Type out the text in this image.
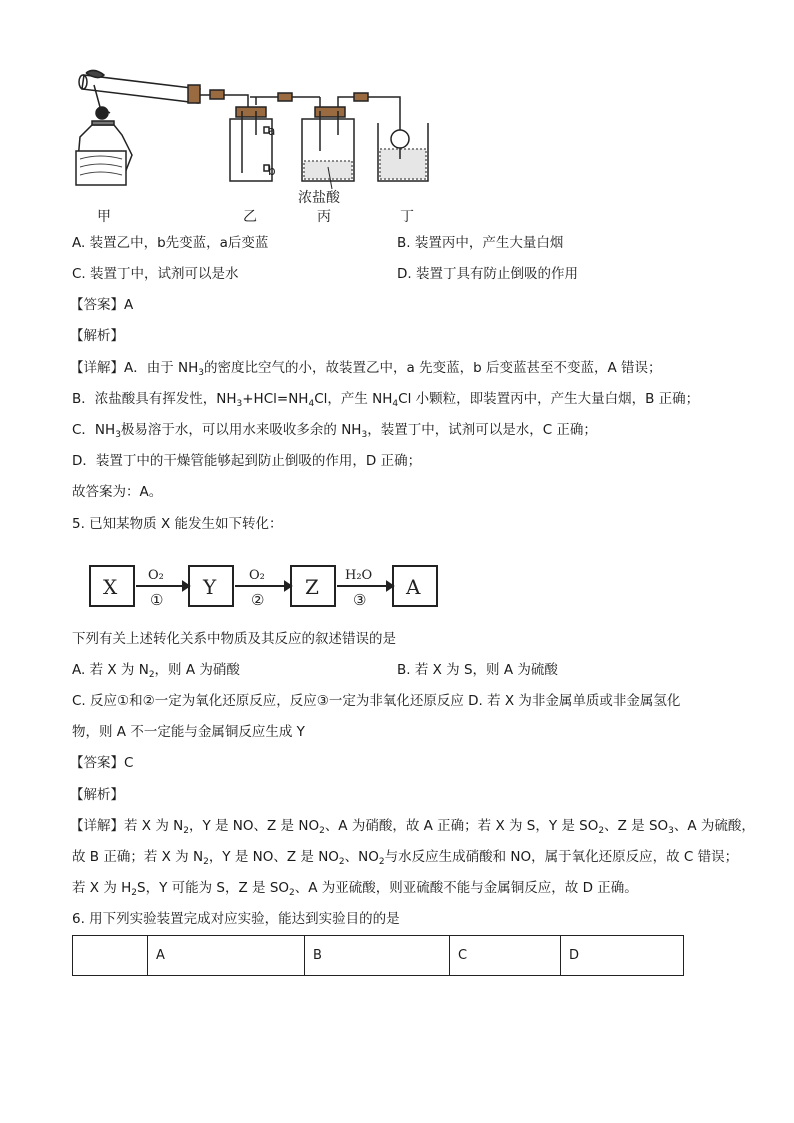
a
b
浓盐酸
甲	乙	丙	丁
A. 装置乙中，b先变蓝，a后变蓝	B. 装置丙中，产生大量白烟
C. 装置丁中，试剂可以是水	D. 装置丁具有防止倒吸的作用
【答案】A
【解析】
【详解】A．由于 $NH_3$的密度比空气的小，故装置乙中，a 先变蓝，b 后变蓝甚至不变蓝，A 错误；
B．浓盐酸具有挥发性，$NH_3+HCl=NH_4Cl$，产生 $NH_4Cl$ 小颗粒，即装置丙中，产生大量白烟，B 正确；
C．$NH_3$极易溶于水，可以用水来吸收多余的 $NH_3$，装置丁中，试剂可以是水，C 正确；
D．装置丁中的干燥管能够起到防止倒吸的作用，D 正确；
故答案为：A。
5. 已知某物质 X 能发生如下转化：
X	Y	Z	A
O₂
①
O₂
②
H₂O
③
下列有关上述转化关系中物质及其反应的叙述错误的是
A. 若 X 为 $N_2$，则 A 为硝酸	B. 若 X 为 S，则 A 为硫酸
C. 反应①和②一定为氧化还原反应，反应③一定为非氧化还原反应 D. 若 X 为非金属单质或非金属氢化
物，则 A 不一定能与金属铜反应生成 Y
【答案】C
【解析】
【详解】若 X 为 $N_2$，Y 是 NO、Z 是 $NO_2$、A 为硝酸，故 A 正确；若 X 为 S，Y 是 $SO_2$、Z 是 $SO_3$、A 为硫酸，
故 B 正确；若 X 为 $N_2$，Y 是 NO、Z 是 $NO_2$、$NO_2$与水反应生成硝酸和 NO，属于氧化还原反应，故 C 错误；
若 X 为 $H_2S$，Y 可能为 S，Z 是 $SO_2$、A 为亚硫酸，则亚硫酸不能与金属铜反应，故 D 正确。
6. 用下列实验装置完成对应实验，能达到实验目的的是
	A	B	C	D
